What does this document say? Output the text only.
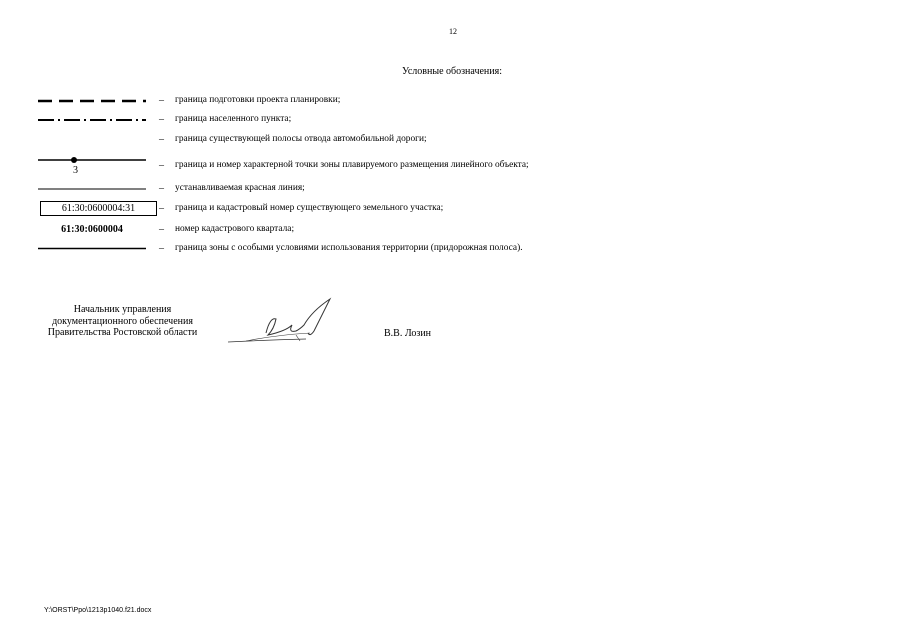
12
Условные обозначения:
– граница подготовки проекта планировки;
– граница населенного пункта;
– граница существующей полосы отвода автомобильной дороги;
3	– граница и номер характерной точки зоны плавируемого размещения линейного объекта;
– устанавливаемая красная линия;
61:30:0600004:31	– граница и кадастровый номер существующего земельного участка;
61:30:0600004	– номер кадастрового квартала;
– граница зоны с особыми условиями использования территории (придорожная полоса).
Начальник управления
документационного обеспечения
Правительства Ростовской области	В.В. Лозин
Y:\ORST\Ppo\1213p1040.f21.docx
